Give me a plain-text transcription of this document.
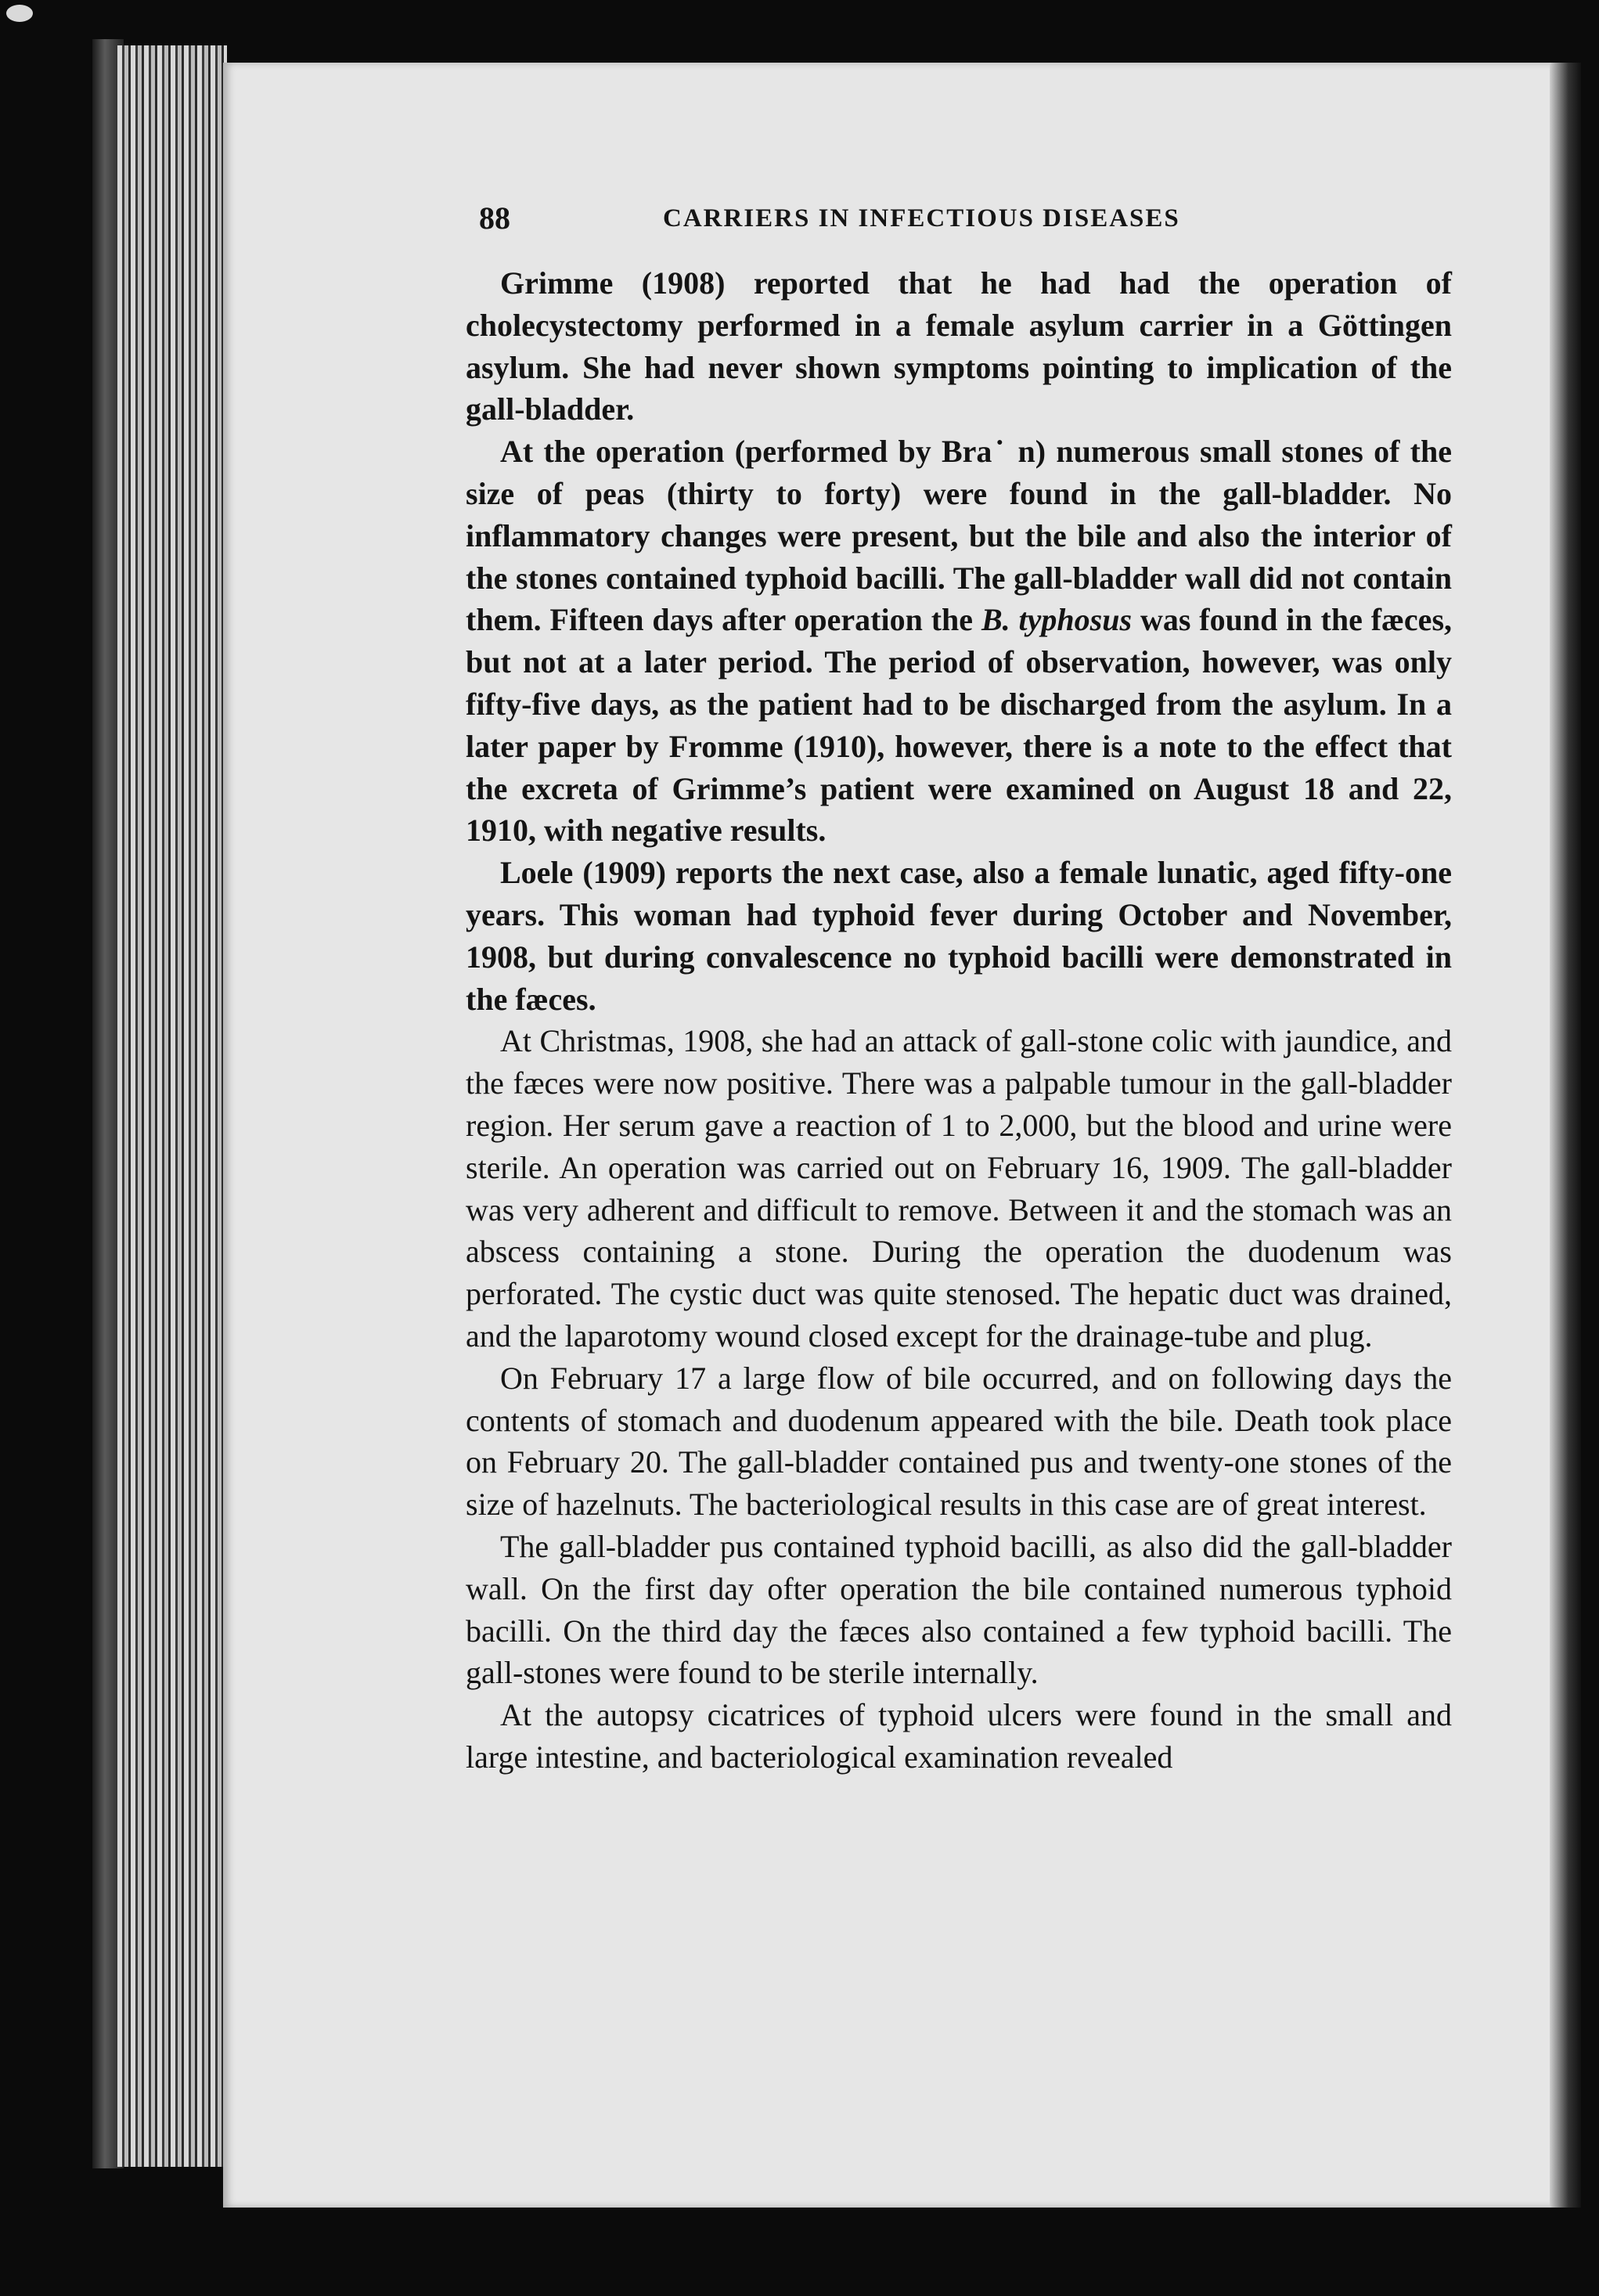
88	CARRIERS IN INFECTIOUS DISEASES

Grimme (1908) reported that he had had the operation of cholecystectomy performed in a female asylum carrier in a Göttingen asylum. She had never shown symptoms pointing to implication of the gall-bladder.

At the operation (performed by Bra˙ n) numerous small stones of the size of peas (thirty to forty) were found in the gall-bladder. No inflammatory changes were present, but the bile and also the interior of the stones contained typhoid bacilli. The gall-bladder wall did not contain them. Fifteen days after operation the B. typhosus was found in the fæces, but not at a later period. The period of observation, however, was only fifty-five days, as the patient had to be discharged from the asylum. In a later paper by Fromme (1910), however, there is a note to the effect that the excreta of Grimme’s patient were examined on August 18 and 22, 1910, with negative results.

Loele (1909) reports the next case, also a female lunatic, aged fifty-one years. This woman had typhoid fever during October and November, 1908, but during convalescence no typhoid bacilli were demonstrated in the fæces.

At Christmas, 1908, she had an attack of gall-stone colic with jaundice, and the fæces were now positive. There was a palpable tumour in the gall-bladder region. Her serum gave a reaction of 1 to 2,000, but the blood and urine were sterile. An operation was carried out on February 16, 1909. The gall-bladder was very adherent and difficult to remove. Between it and the stomach was an abscess containing a stone. During the operation the duodenum was perforated. The cystic duct was quite stenosed. The hepatic duct was drained, and the laparotomy wound closed except for the drainage-tube and plug.

On February 17 a large flow of bile occurred, and on following days the contents of stomach and duodenum appeared with the bile. Death took place on February 20. The gall-bladder contained pus and twenty-one stones of the size of hazelnuts. The bacteriological results in this case are of great interest.

The gall-bladder pus contained typhoid bacilli, as also did the gall-bladder wall. On the first day ofter operation the bile contained numerous typhoid bacilli. On the third day the fæces also contained a few typhoid bacilli. The gall-stones were found to be sterile internally.

At the autopsy cicatrices of typhoid ulcers were found in the small and large intestine, and bacteriological examination revealed
